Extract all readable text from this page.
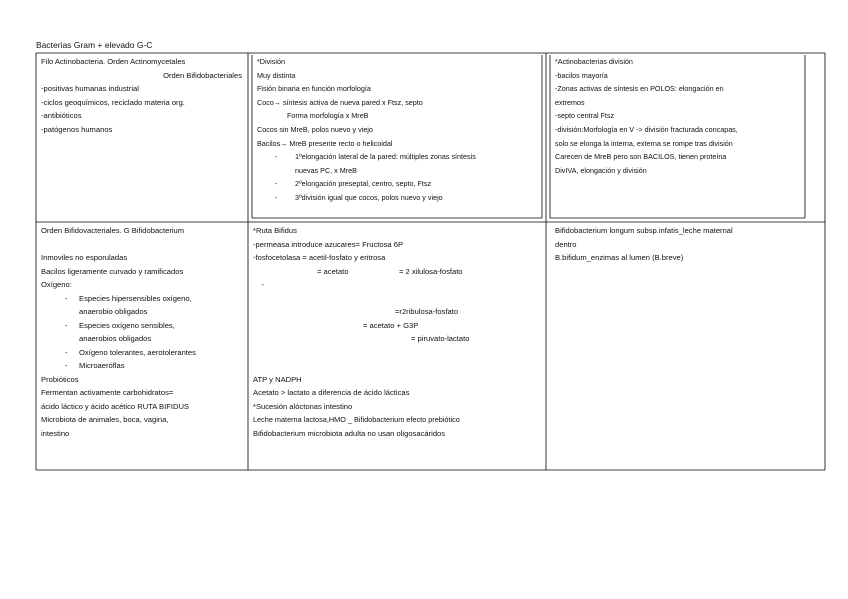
Bacterias Gram + elevado G-C
Filo Actinobacteria. Orden Actinomycetales
Orden Bifidobacteriales
-positivas humanas industrial
-ciclos geoquímicos, reciclado materia org.
-antibióticos
-patógenos humanos
*División
Muy distinta
Fisión binaria en función morfología
Coco→ síntesis activa de nueva pared x Ftsz, septo
Forma morfología x MreB
Cocos sin MreB, polos nuevo y viejo
Bacilos→ MreB presente recto o helicoidal
- 1ºelongación lateral de la pared: múltiples zonas síntesis
nuevas PC, x MreB
- 2ºelongación preseptal, centro, septo, Ftsz
- 3ºdivisión igual que cocos, polos nuevo y viejo
*Actinobacterias división
-bacilos mayoría
-Zonas activas de síntesis en POLOS: elongación en
extremos
-septo central Ftsz
-división:Morfología en V -> división fracturada concapas,
solo se elonga la interna, externa se rompe tras división
Carecen de MreB pero son BACILOS, tienen proteína
DivIVA, elongación y división
Orden Bifidovacteriales. G Bifidobacterium
Inmoviles no esporuladas
Bacilos ligeramente curvado y ramificados
Oxígeno:
- Especies hipersensibles oxígeno,
anaerobio obligados
- Especies oxígeno sensibles,
anaerobios obligados
- Oxígeno tolerantes, aerotolerantes
- Microaeróflas
Probióticos
Fermentan activamente carbohidratos=
ácido láctico y ácido acético RUTA BIFIDUS
Microbiota de animales, boca, vagina,
intestino
*Ruta Bifidus
-permeasa introduce azucares= Fructosa 6P
-fosfocetolasa = acetil-fosfato y eritrosa

-
= acetato	= 2 xilulosa-fosfato

=r2ribulosa-fosfato
= acetato + G3P
= piruvato-lactato
ATP y NADPH
Acetato > lactato a diferencia de ácido lácticas
*Sucesión alóctonas intestino
Leche materna lactosa,HMO _ Bifidobacterium efecto prebiótico
Bifidobacterium microbiota adulta no usan oligosacáridos
Bifidobacterium longum subsp.infatis_leche maternal
dentro
B.bifidum_enzimas al lumen (B.breve)
